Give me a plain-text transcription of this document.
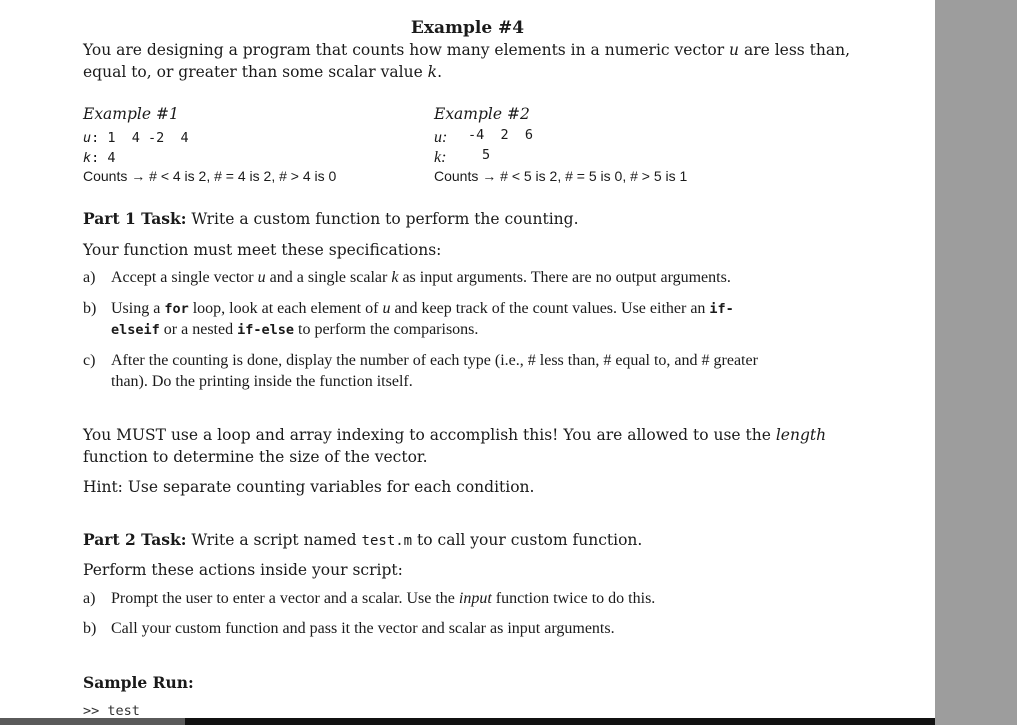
Example #4
You are designing a program that counts how many elements in a numeric vector u are less than,
equal to, or greater than some scalar value k.
Example #1
u: 1  4 -2  4
k: 4
Counts → # < 4 is 2, # = 4 is 2, # > 4 is 0
Example #2
u: -4  2  6
k:	5
Counts → # < 5 is 2, # = 5 is 0, # > 5 is 1
Part 1 Task: Write a custom function to perform the counting.
Your function must meet these specifications:
a) Accept a single vector u and a single scalar k as input arguments. There are no output arguments.
b) Using a for loop, look at each element of u and keep track of the count values. Use either an if-
elseif or a nested if-else to perform the comparisons.
c) After the counting is done, display the number of each type (i.e., # less than, # equal to, and # greater
than). Do the printing inside the function itself.
You MUST use a loop and array indexing to accomplish this! You are allowed to use the length
function to determine the size of the vector.
Hint: Use separate counting variables for each condition.
Part 2 Task: Write a script named test.m to call your custom function.
Perform these actions inside your script:
a) Prompt the user to enter a vector and a scalar. Use the input function twice to do this.
b) Call your custom function and pass it the vector and scalar as input arguments.
Sample Run:
>> test
